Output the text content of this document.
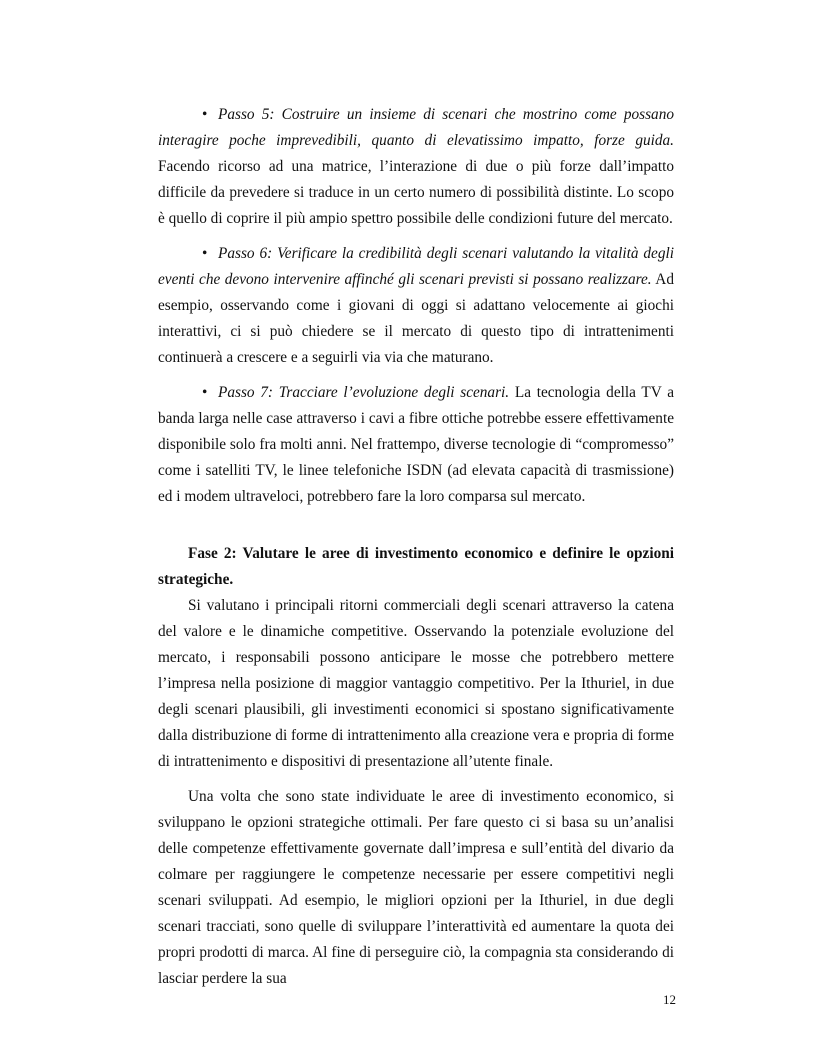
• Passo 5: Costruire un insieme di scenari che mostrino come possano interagire poche imprevedibili, quanto di elevatissimo impatto, forze guida. Facendo ricorso ad una matrice, l’interazione di due o più forze dall’impatto difficile da prevedere si traduce in un certo numero di possibilità distinte. Lo scopo è quello di coprire il più ampio spettro possibile delle condizioni future del mercato.

• Passo 6: Verificare la credibilità degli scenari valutando la vitalità degli eventi che devono intervenire affinché gli scenari previsti si possano realizzare. Ad esempio, osservando come i giovani di oggi si adattano velocemente ai giochi interattivi, ci si può chiedere se il mercato di questo tipo di intrattenimenti continuerà a crescere e a seguirli via via che maturano.

• Passo 7: Tracciare l’evoluzione degli scenari. La tecnologia della TV a banda larga nelle case attraverso i cavi a fibre ottiche potrebbe essere effettivamente disponibile solo fra molti anni. Nel frattempo, diverse tecnologie di “compromesso” come i satelliti TV, le linee telefoniche ISDN (ad elevata capacità di trasmissione) ed i modem ultraveloci, potrebbero fare la loro comparsa sul mercato.

Fase 2: Valutare le aree di investimento economico e definire le opzioni strategiche.

Si valutano i principali ritorni commerciali degli scenari attraverso la catena del valore e le dinamiche competitive. Osservando la potenziale evoluzione del mercato, i responsabili possono anticipare le mosse che potrebbero mettere l’impresa nella posizione di maggior vantaggio competitivo. Per la Ithuriel, in due degli scenari plausibili, gli investimenti economici si spostano significativamente dalla distribuzione di forme di intrattenimento alla creazione vera e propria di forme di intrattenimento e dispositivi di presentazione all’utente finale.

Una volta che sono state individuate le aree di investimento economico, si sviluppano le opzioni strategiche ottimali. Per fare questo ci si basa su un’analisi delle competenze effettivamente governate dall’impresa e sull’entità del divario da colmare per raggiungere le competenze necessarie per essere competitivi negli scenari sviluppati. Ad esempio, le migliori opzioni per la Ithuriel, in due degli scenari tracciati, sono quelle di sviluppare l’interattività ed aumentare la quota dei propri prodotti di marca. Al fine di perseguire ciò, la compagnia sta considerando di lasciar perdere la sua

12
